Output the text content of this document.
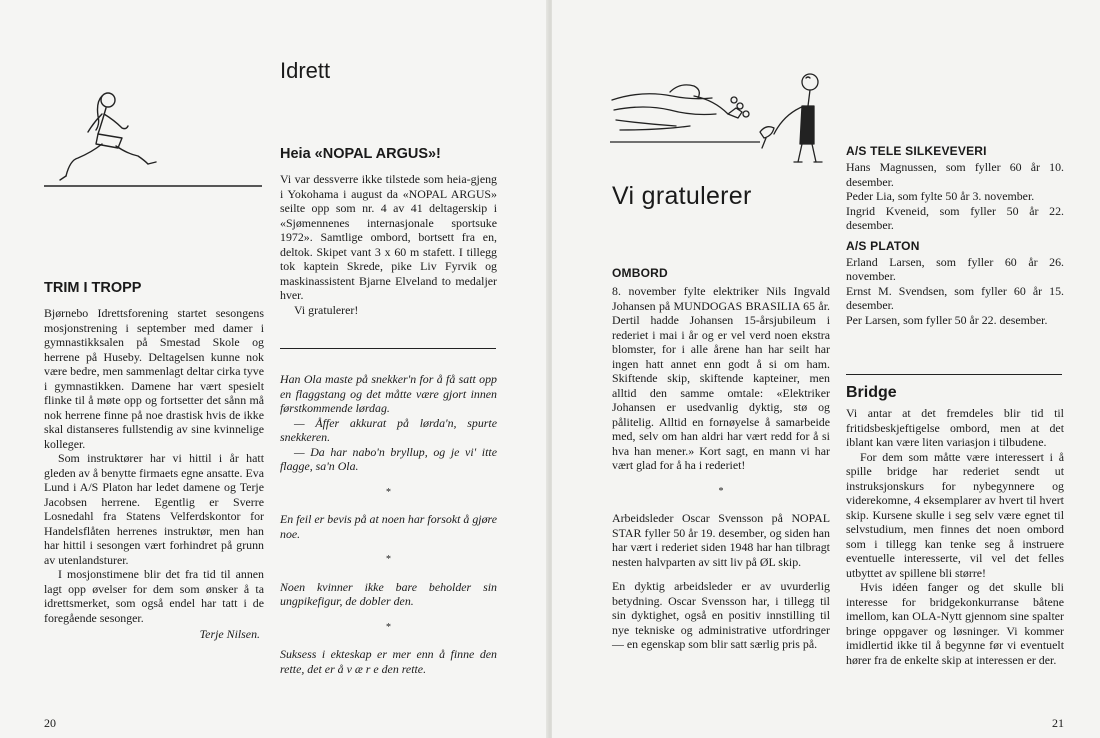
Idrett
TRIM I TROPP

Bjørnebo Idrettsforening startet sesongens mosjonstrening i september med damer i gymnastikksalen på Smestad Skole og herrene på Huseby. Deltagelsen kunne nok være bedre, men sammenlagt deltar cirka tyve i gymnastikken. Damene har vært spesielt flinke til å møte opp og fortsetter det sånn må nok herrene finne på noe drastisk hvis de ikke skal distanseres fullstendig av sine kvinnelige kolleger.

Som instruktører har vi hittil i år hatt gleden av å benytte firmaets egne ansatte. Eva Lund i A/S Platon har ledet damene og Terje Jacobsen herrene. Egentlig er Sverre Losnedahl fra Statens Velferdskontor for Handelsflåten herrenes instruktør, men han har hittil i sesongen vært forhindret på grunn av utenlandsturer.

I mosjonstimene blir det fra tid til annen lagt opp øvelser for dem som ønsker å ta idrettsmerket, som også endel har tatt i de foregående sesonger.

Terje Nilsen.

Heia «NOPAL ARGUS»!

Vi var dessverre ikke tilstede som heia-gjeng i Yokohama i august da «NOPAL ARGUS» seilte opp som nr. 4 av 41 deltagerskip i «Sjømennenes internasjonale sportsuke 1972». Samtlige ombord, bortsett fra en, deltok. Skipet vant 3 x 60 m stafett. I tillegg tok kaptein Skrede, pike Liv Fyrvik og maskinassistent Bjarne Elveland to medaljer hver.

Vi gratulerer!

Han Ola maste på snekker'n for å få satt opp en flaggstang og det måtte være gjort innen førstkommende lørdag.

— Åffer akkurat på lørda'n, spurte snekkeren.

— Da har nabo'n bryllup, og je vi' itte flagge, sa'n Ola.

*

En feil er bevis på at noen har forsokt å gjøre noe.

*

Noen kvinner ikke bare beholder sin ungpikefigur, de dobler den.

*

Suksess i ekteskap er mer enn å finne den rette, det er å v æ r e den rette.

20
Vi gratulerer
OMBORD

8. november fylte elektriker Nils Ingvald Johansen på MUNDOGAS BRASILIA 65 år. Dertil hadde Johansen 15-årsjubileum i rederiet i mai i år og er vel verd noen ekstra blomster, for i alle årene han har seilt har ingen hatt annet enn godt å si om ham. Skiftende skip, skiftende kapteiner, men alltid den samme omtale: «Elektriker Johansen er usedvanlig dyktig, stø og pålitelig. Alltid en fornøyelse å samarbeide med, selv om han aldri har vært redd for å si hva han mener.» Kort sagt, en mann vi har vært glad for å ha i rederiet!

*

Arbeidsleder Oscar Svensson på NOPAL STAR fyller 50 år 19. desember, og siden han har vært i rederiet siden 1948 har han tilbragt nesten halvparten av sitt liv på ØL skip.

En dyktig arbeidsleder er av uvurderlig betydning. Oscar Svensson har, i tillegg til sin dyktighet, også en positiv innstilling til nye tekniske og administrative utfordringer — en egenskap som blir satt særlig pris på.

A/S TELE SILKEVEVERI

Hans Magnussen, som fyller 60 år 10. desember.

Peder Lia, som fylte 50 år 3. november.

Ingrid Kveneid, som fyller 50 år 22. desember.

A/S PLATON

Erland Larsen, som fyller 60 år 26. november.

Ernst M. Svendsen, som fyller 60 år 15. desember.

Per Larsen, som fyller 50 år 22. desember.

Bridge

Vi antar at det fremdeles blir tid til fritidsbeskjeftigelse ombord, men at det iblant kan være liten variasjon i tilbudene.

For dem som måtte være interessert i å spille bridge har rederiet sendt ut instruksjonskurs for nybegynnere og viderekomne, 4 eksemplarer av hvert til hvert skip. Kursene skulle i seg selv være egnet til selvstudium, men finnes det noen ombord som i tillegg kan tenke seg å instruere eventuelle interesserte, vil vel det felles utbyttet av spillene bli større!

Hvis idéen fanger og det skulle bli interesse for bridgekonkurranse båtene imellom, kan OLA-Nytt gjennom sine spalter bringe oppgaver og løsninger. Vi kommer imidlertid ikke til å begynne før vi eventuelt hører fra de enkelte skip at interessen er der.

21
